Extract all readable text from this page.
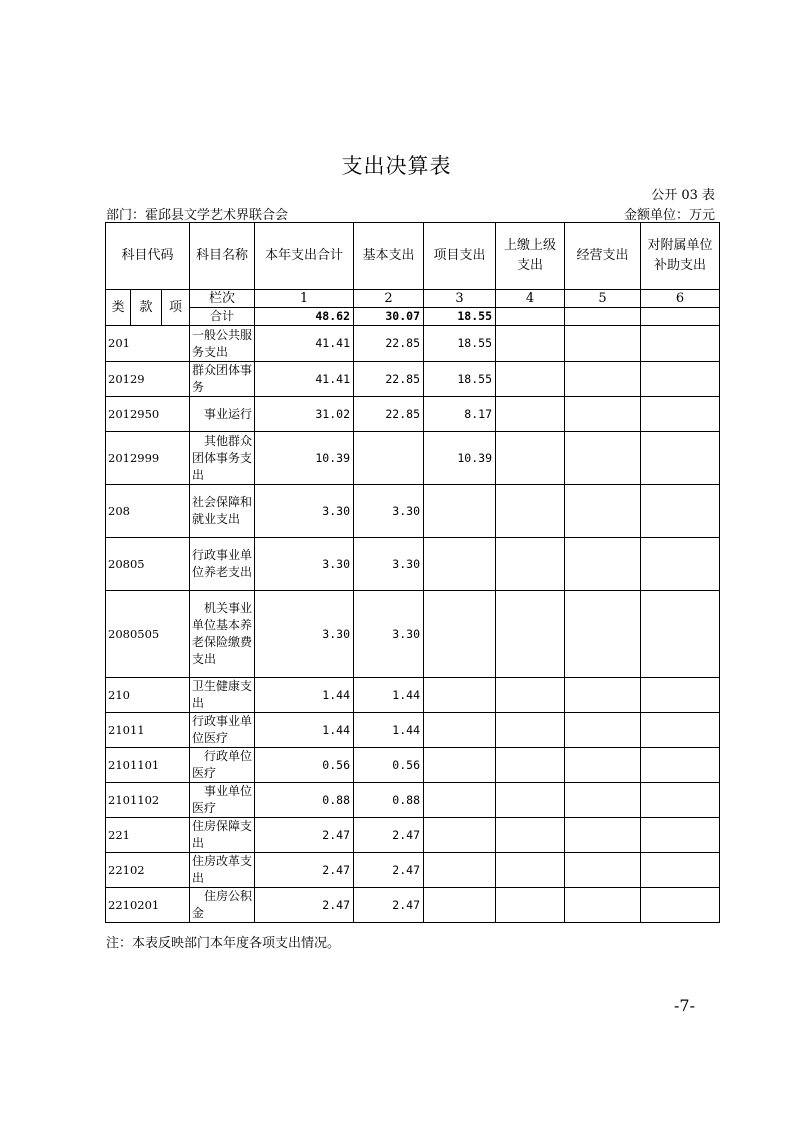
支出决算表
公开 03 表
部门：霍邱县文学艺术界联合会	金额单位：万元
科目代码			科目名称	本年支出合计	基本支出	项目支出	上缴上级支出	经营支出	对附属单位补助支出
类	款	项	栏次	1	2	3	4	5	6
			合计	48.62	30.07	18.55			
201			一般公共服务支出	41.41	22.85	18.55			
20129			群众团体事务	41.41	22.85	18.55			
2012950			事业运行	31.02	22.85	8.17			
2012999			其他群众团体事务支出	10.39		10.39			
208			社会保障和就业支出	3.30	3.30				
20805			行政事业单位养老支出	3.30	3.30				
2080505			机关事业单位基本养老保险缴费支出	3.30	3.30				
210			卫生健康支出	1.44	1.44				
21011			行政事业单位医疗	1.44	1.44				
2101101			行政单位医疗	0.56	0.56				
2101102			事业单位医疗	0.88	0.88				
221			住房保障支出	2.47	2.47				
22102			住房改革支出	2.47	2.47				
2210201			住房公积金	2.47	2.47				
注：本表反映部门本年度各项支出情况。
-7-
